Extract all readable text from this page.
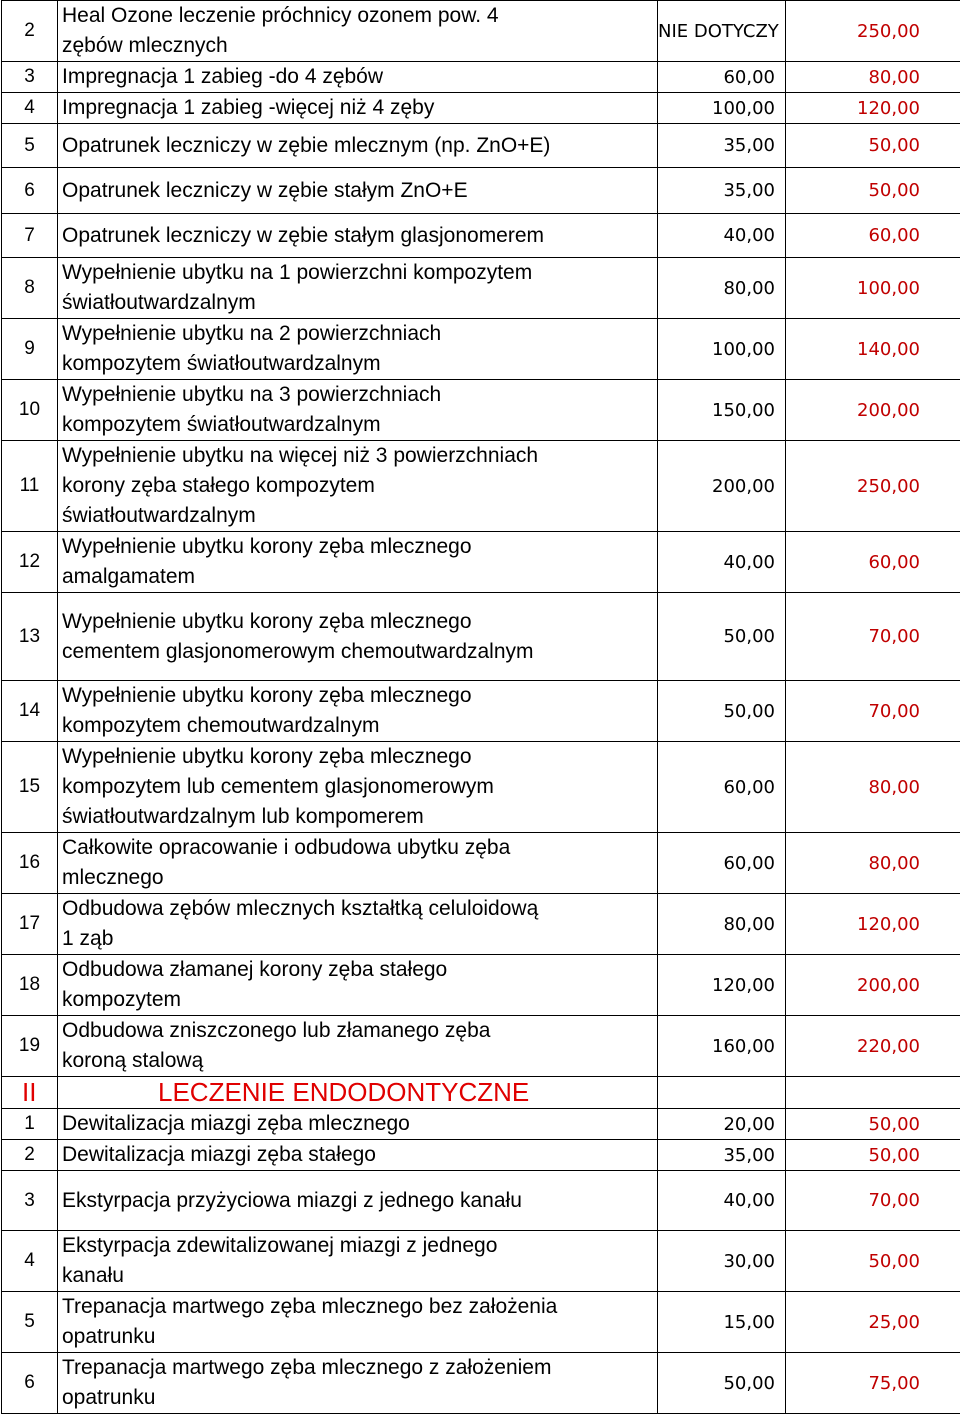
2	Heal Ozone leczenie próchnicy ozonem pow. 4
zębów mlecznych	NIE DOTYCZY	250,00
3	Impregnacja 1 zabieg -do 4 zębów	60,00	80,00
4	Impregnacja 1 zabieg -więcej niż 4 zęby	100,00	120,00
5	Opatrunek leczniczy w zębie mlecznym (np. ZnO+E)	35,00	50,00
6	Opatrunek leczniczy w zębie stałym ZnO+E	35,00	50,00
7	Opatrunek leczniczy w zębie stałym glasjonomerem	40,00	60,00
8	Wypełnienie ubytku na 1 powierzchni kompozytem
światłoutwardzalnym	80,00	100,00
9	Wypełnienie ubytku na 2 powierzchniach
kompozytem światłoutwardzalnym	100,00	140,00
10	Wypełnienie ubytku na 3 powierzchniach
kompozytem światłoutwardzalnym	150,00	200,00
11	Wypełnienie ubytku na więcej niż 3 powierzchniach
korony zęba stałego kompozytem
światłoutwardzalnym	200,00	250,00
12	Wypełnienie ubytku korony zęba mlecznego
amalgamatem	40,00	60,00
13	Wypełnienie ubytku korony zęba mlecznego
cementem glasjonomerowym chemoutwardzalnym	50,00	70,00
14	Wypełnienie ubytku korony zęba mlecznego
kompozytem chemoutwardzalnym	50,00	70,00
15	Wypełnienie ubytku korony zęba mlecznego
kompozytem lub cementem glasjonomerowym
światłoutwardzalnym lub kompomerem	60,00	80,00
16	Całkowite opracowanie i odbudowa ubytku zęba
mlecznego	60,00	80,00
17	Odbudowa zębów mlecznych kształtką celuloidową
1 ząb	80,00	120,00
18	Odbudowa złamanej korony zęba stałego
kompozytem	120,00	200,00
19	Odbudowa zniszczonego lub złamanego zęba
koroną stalową	160,00	220,00
II	LECZENIE ENDODONTYCZNE		
1	Dewitalizacja miazgi zęba mlecznego	20,00	50,00
2	Dewitalizacja miazgi zęba stałego	35,00	50,00
3	Ekstyrpacja przyżyciowa miazgi z jednego kanału	40,00	70,00
4	Ekstyrpacja zdewitalizowanej miazgi z jednego
kanału	30,00	50,00
5	Trepanacja martwego zęba mlecznego bez założenia
opatrunku	15,00	25,00
6	Trepanacja martwego zęba mlecznego z założeniem
opatrunku	50,00	75,00
